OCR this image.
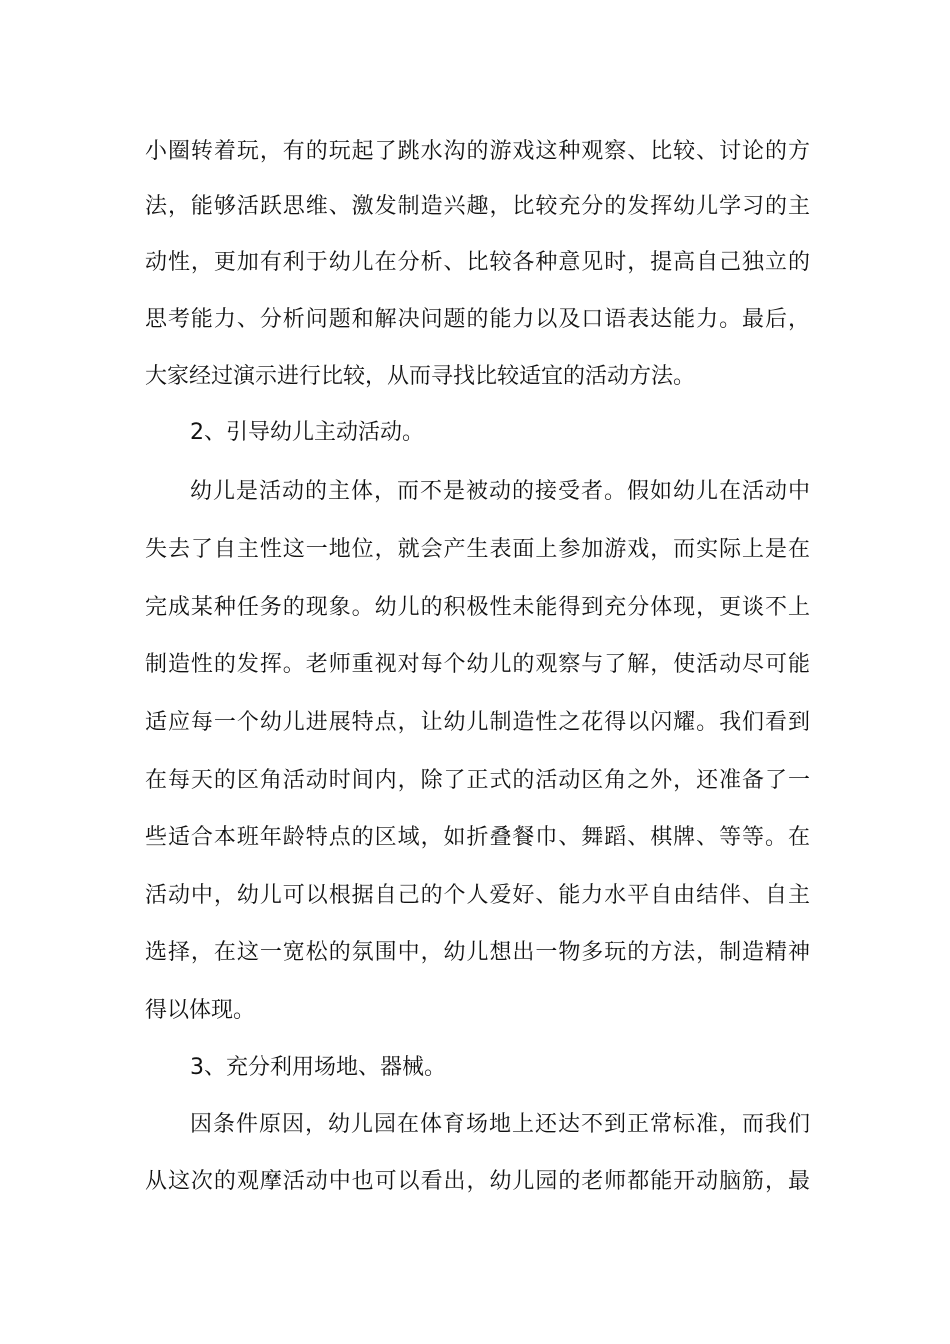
小圈转着玩，有的玩起了跳水沟的游戏这种观察、比较、讨论的方
法，能够活跃思维、激发制造兴趣，比较充分的发挥幼儿学习的主
动性，更加有利于幼儿在分析、比较各种意见时，提高自己独立的
思考能力、分析问题和解决问题的能力以及口语表达能力。最后，
大家经过演示进行比较，从而寻找比较适宜的活动方法。
2、引导幼儿主动活动。
幼儿是活动的主体，而不是被动的接受者。假如幼儿在活动中
失去了自主性这一地位，就会产生表面上参加游戏，而实际上是在
完成某种任务的现象。幼儿的积极性未能得到充分体现，更谈不上
制造性的发挥。老师重视对每个幼儿的观察与了解，使活动尽可能
适应每一个幼儿进展特点，让幼儿制造性之花得以闪耀。我们看到
在每天的区角活动时间内，除了正式的活动区角之外，还准备了一
些适合本班年龄特点的区域，如折叠餐巾、舞蹈、棋牌、等等。在
活动中，幼儿可以根据自己的个人爱好、能力水平自由结伴、自主
选择，在这一宽松的氛围中，幼儿想出一物多玩的方法，制造精神
得以体现。
3、充分利用场地、器械。
因条件原因，幼儿园在体育场地上还达不到正常标准，而我们
从这次的观摩活动中也可以看出，幼儿园的老师都能开动脑筋，最
